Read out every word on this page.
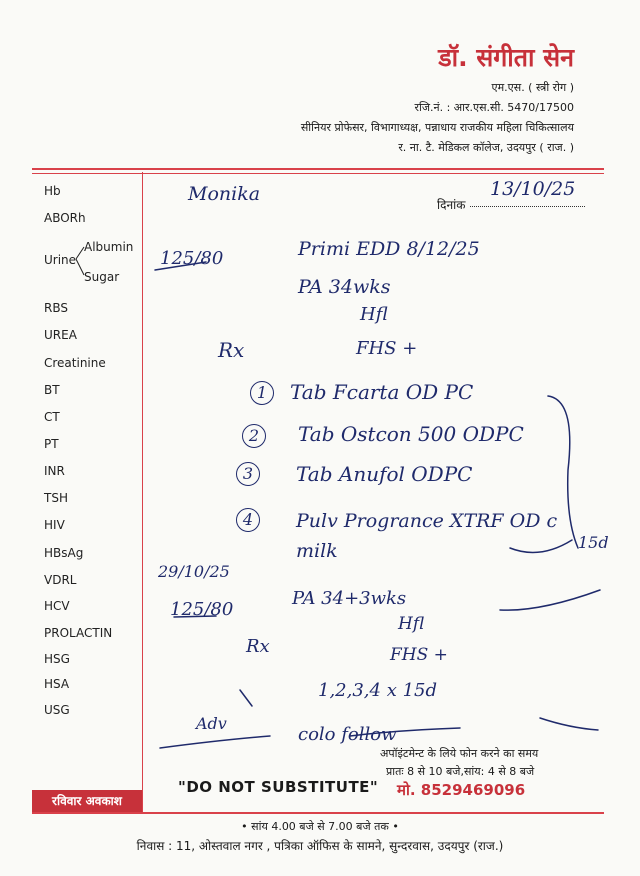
डॉ. संगीता सेन
एम.एस. ( स्त्री रोग )
रजि.नं. : आर.एस.सी. 5470/17500
सीनियर प्रोफेसर, विभागाध्यक्ष, पन्नाधाय राजकीय महिला चिकित्सालय
र. ना. टै. मेडिकल कॉलेज, उदयपुर ( राज. )
Hb
ABORh
Urine
Albumin
Sugar
RBS
UREA
Creatinine
BT
CT
PT
INR
TSH
HIV
HBsAg
VDRL
HCV
PROLACTIN
HSG
HSA
USG
दिनांक
Monika	13/10/25
125/80	Primi EDD 8/12/25
PA 34wks
Hfl
FHS +
Rx
1	Tab Fcarta OD PC
2	Tab Ostcon 500 ODPC
3	Tab Anufol ODPC
4	Pulv Progrance XTRF OD c milk	15d
29/10/25
125/80
PA 34+3wks
Hfl
FHS +
Rx
1,2,3,4 x 15d
Adv
colo follow
अपॉइंटमेन्ट के लिये फोन करने का समय
प्रातः 8 से 10 बजे,सांय: 4 से 8 बजे
"DO NOT SUBSTITUTE" मो. 8529469096
रविवार अवकाश
• सांय 4.00 बजे से 7.00 बजे तक •
निवास : 11, ओस्तवाल नगर , पत्रिका ऑफिस के सामने, सुन्दरवास, उदयपुर (राज.)
